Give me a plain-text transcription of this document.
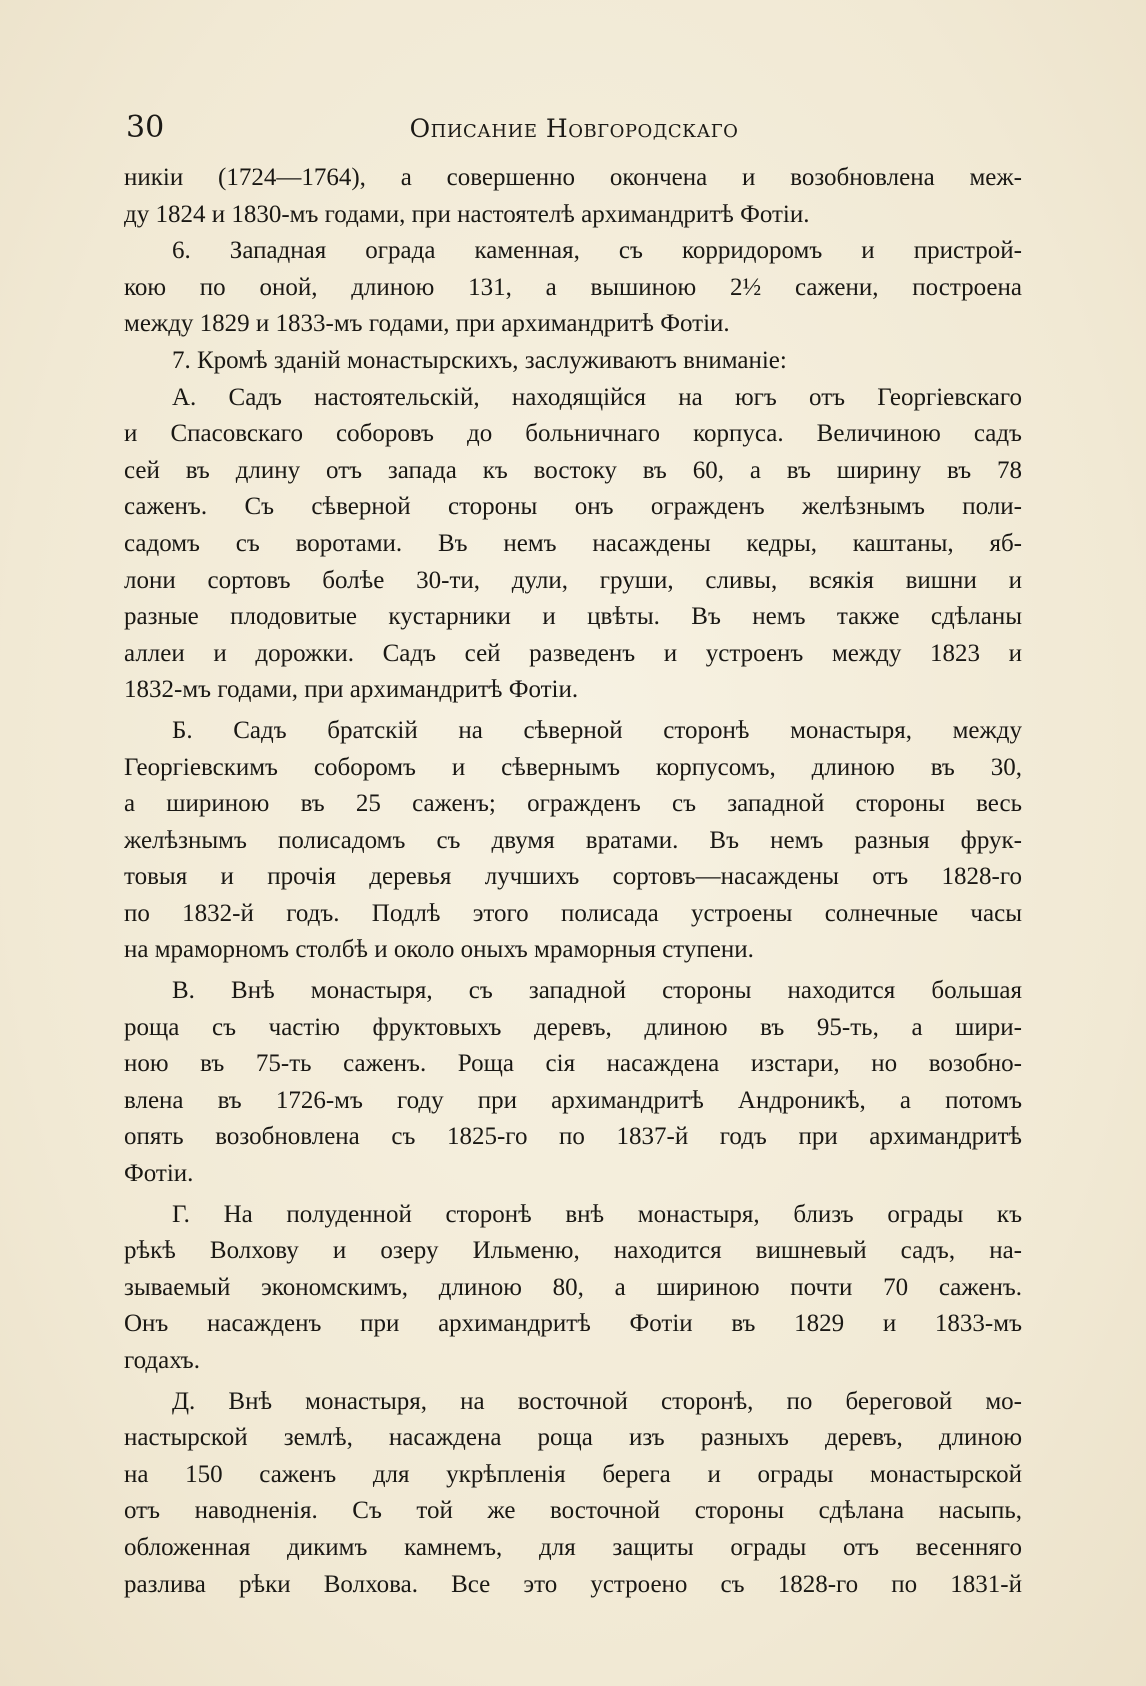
30	Описание Новгородскаго

никіи (1724—1764), а совершенно окончена и возобновлена меж-
ду 1824 и 1830-мъ годами, при настоятелѣ архимандритѣ Фотіи.

6. Западная ограда каменная, съ корридоромъ и пристрой-
кою по оной, длиною 131, а вышиною 2½ сажени, построена
между 1829 и 1833-мъ годами, при архимандритѣ Фотіи.

7. Кромѣ зданій монастырскихъ, заслуживаютъ вниманіе:

А. Садъ настоятельскій, находящійся на югъ отъ Георгіевскаго
и Спасовскаго соборовъ до больничнаго корпуса. Величиною садъ
сей въ длину отъ запада къ востоку въ 60, а въ ширину въ 78
саженъ. Съ сѣверной стороны онъ огражденъ желѣзнымъ поли-
садомъ съ воротами. Въ немъ насаждены кедры, каштаны, яб-
лони сортовъ болѣе 30-ти, дули, груши, сливы, всякія вишни и
разные плодовитые кустарники и цвѣты. Въ немъ также сдѣланы
аллеи и дорожки. Садъ сей разведенъ и устроенъ между 1823 и
1832-мъ годами, при архимандритѣ Фотіи.

Б. Садъ братскій на сѣверной сторонѣ монастыря, между
Георгіевскимъ соборомъ и сѣвернымъ корпусомъ, длиною въ 30,
а шириною въ 25 саженъ; огражденъ съ западной стороны весь
желѣзнымъ полисадомъ съ двумя вратами. Въ немъ разныя фрук-
товыя и прочія деревья лучшихъ сортовъ—насаждены отъ 1828-го
по 1832-й годъ. Подлѣ этого полисада устроены солнечные часы
на мраморномъ столбѣ и около оныхъ мраморныя ступени.

В. Внѣ монастыря, съ западной стороны находится большая
роща съ частію фруктовыхъ деревъ, длиною въ 95-ть, а шири-
ною въ 75-ть саженъ. Роща сія насаждена изстари, но возобно-
влена въ 1726-мъ году при архимандритѣ Андроникѣ, а потомъ
опять возобновлена съ 1825-го по 1837-й годъ при архимандритѣ
Фотіи.

Г. На полуденной сторонѣ внѣ монастыря, близъ ограды къ
рѣкѣ Волхову и озеру Ильменю, находится вишневый садъ, на-
зываемый экономскимъ, длиною 80, а шириною почти 70 саженъ.
Онъ насажденъ при архимандритѣ Фотіи въ 1829 и 1833-мъ
годахъ.

Д. Внѣ монастыря, на восточной сторонѣ, по береговой мо-
настырской землѣ, насаждена роща изъ разныхъ деревъ, длиною
на 150 саженъ для укрѣпленія берега и ограды монастырской
отъ наводненія. Съ той же восточной стороны сдѣлана насыпь,
обложенная дикимъ камнемъ, для защиты ограды отъ весенняго
разлива рѣки Волхова. Все это устроено съ 1828-го по 1831-й
